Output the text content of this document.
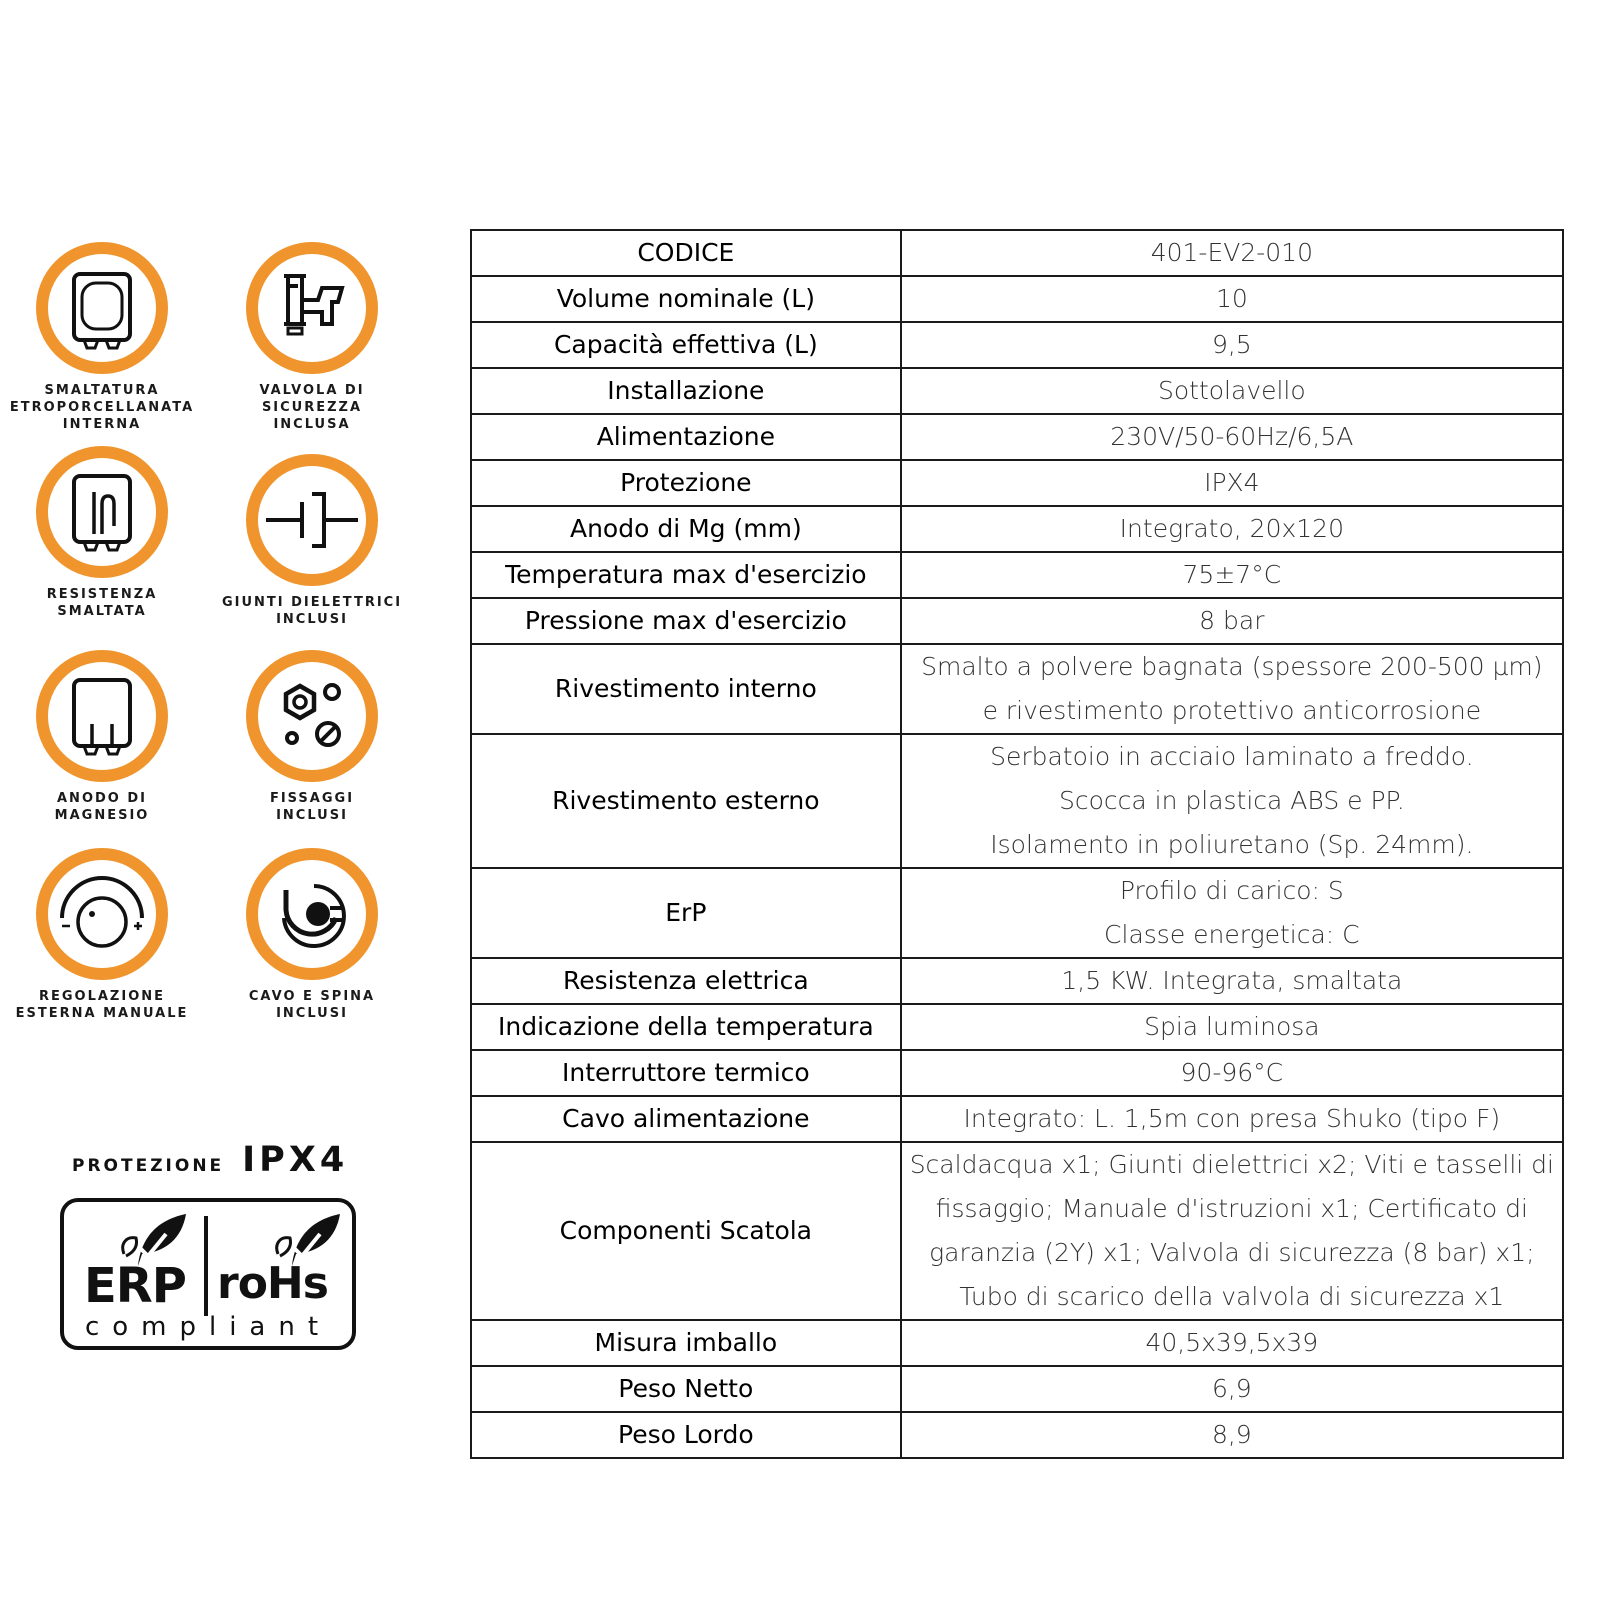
SMALTATURA
ETROPORCELLANATA
INTERNA
VALVOLA DI
SICUREZZA
INCLUSA
RESISTENZA
SMALTATA
GIUNTI DIELETTRICI
INCLUSI
ANODO DI
MAGNESIO
FISSAGGI
INCLUSI
REGOLAZIONE
ESTERNA MANUALE
CAVO E SPINA
INCLUSI
PROTEZIONE IPX4
ERP roHs
compliant
CODICE	401-EV2-010

Volume nominale (L)	10

Capacità effettiva (L)	9,5

Installazione	Sottolavello

Alimentazione	230V/50-60Hz/6,5A

Protezione	IPX4

Anodo di Mg (mm)	Integrato, 20x120

Temperatura max d'esercizio	75±7°C

Pressione max d'esercizio	8 bar

Rivestimento interno	Smalto a polvere bagnata (spessore 200-500 µm)
e rivestimento protettivo anticorrosione

Rivestimento esterno	Serbatoio in acciaio laminato a freddo.
Scocca in plastica ABS e PP.
Isolamento in poliuretano (Sp. 24mm).

ErP	Profilo di carico: S
Classe energetica: C

Resistenza elettrica	1,5 KW. Integrata, smaltata

Indicazione della temperatura	Spia luminosa

Interruttore termico	90-96°C

Cavo alimentazione	Integrato: L. 1,5m con presa Shuko (tipo F)

Componenti Scatola	Scaldacqua x1; Giunti dielettrici x2; Viti e tasselli di
fissaggio; Manuale d'istruzioni x1; Certificato di
garanzia (2Y) x1; Valvola di sicurezza (8 bar) x1;
Tubo di scarico della valvola di sicurezza x1

Misura imballo	40,5x39,5x39

Peso Netto	6,9

Peso Lordo	8,9
